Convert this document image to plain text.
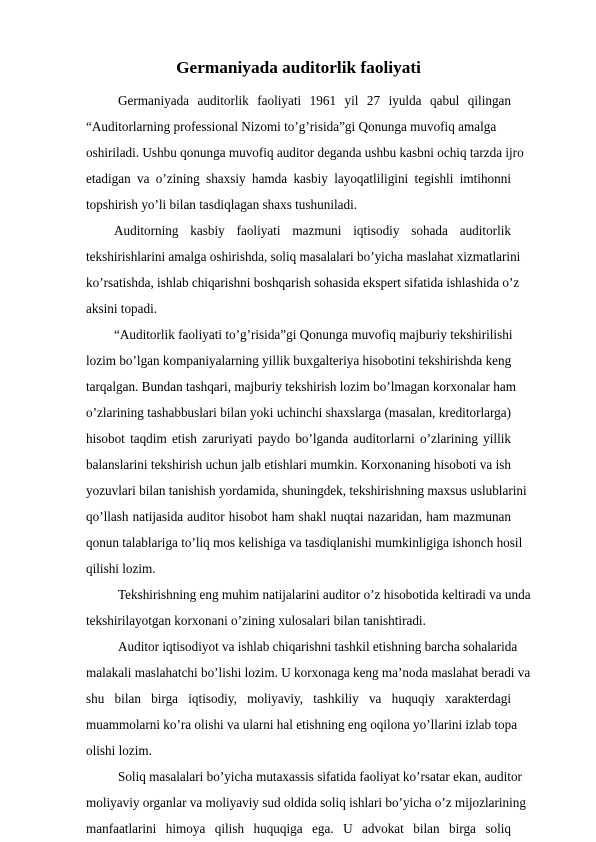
Germaniyada auditorlik faoliyati

Germaniyada auditorlik faoliyati 1961 yil 27 iyulda qabul qilingan

“Auditorlarning professional Nizomi to’g’risida”gi Qonunga muvofiq amalga

oshiriladi. Ushbu qonunga muvofiq auditor deganda ushbu kasbni ochiq tarzda ijro

etadigan va o’zining shaxsiy hamda kasbiy layoqatliligini tegishli imtihonni

topshirish yo’li bilan tasdiqlagan shaxs tushuniladi.

Auditorning kasbiy faoliyati mazmuni iqtisodiy sohada auditorlik

tekshirishlarini amalga oshirishda, soliq masalalari bo’yicha maslahat xizmatlarini

ko’rsatishda, ishlab chiqarishni boshqarish sohasida ekspert sifatida ishlashida o’z

aksini topadi.

“Auditorlik faoliyati to’g’risida”gi Qonunga muvofiq majburiy tekshirilishi

lozim bo’lgan kompaniyalarning yillik buxgalteriya hisobotini tekshirishda keng

tarqalgan. Bundan tashqari, majburiy tekshirish lozim bo’lmagan korxonalar ham

o’zlarining tashabbuslari bilan yoki uchinchi shaxslarga (masalan, kreditorlarga)

hisobot taqdim etish zaruriyati paydo bo’lganda auditorlarni o’zlarining yillik

balanslarini tekshirish uchun jalb etishlari mumkin. Korxonaning hisoboti va ish

yozuvlari bilan tanishish yordamida, shuningdek, tekshirishning maxsus uslublarini

qo’llash natijasida auditor hisobot ham shakl nuqtai nazaridan, ham mazmunan

qonun talablariga to’liq mos kelishiga va tasdiqlanishi mumkinligiga ishonch hosil

qilishi lozim.

Tekshirishning eng muhim natijalarini auditor o’z hisobotida keltiradi va unda

tekshirilayotgan korxonani o’zining xulosalari bilan tanishtiradi.

Auditor iqtisodiyot va ishlab chiqarishni tashkil etishning barcha sohalarida

malakali maslahatchi bo’lishi lozim. U korxonaga keng ma’noda maslahat beradi va

shu bilan birga iqtisodiy, moliyaviy, tashkiliy va huquqiy xarakterdagi

muammolarni ko’ra olishi va ularni hal etishning eng oqilona yo’llarini izlab topa

olishi lozim.

Soliq masalalari bo’yicha mutaxassis sifatida faoliyat ko’rsatar ekan, auditor

moliyaviy organlar va moliyaviy sud oldida soliq ishlari bo’yicha o’z mijozlarining

manfaatlarini himoya qilish huquqiga ega. U advokat bilan birga soliq
